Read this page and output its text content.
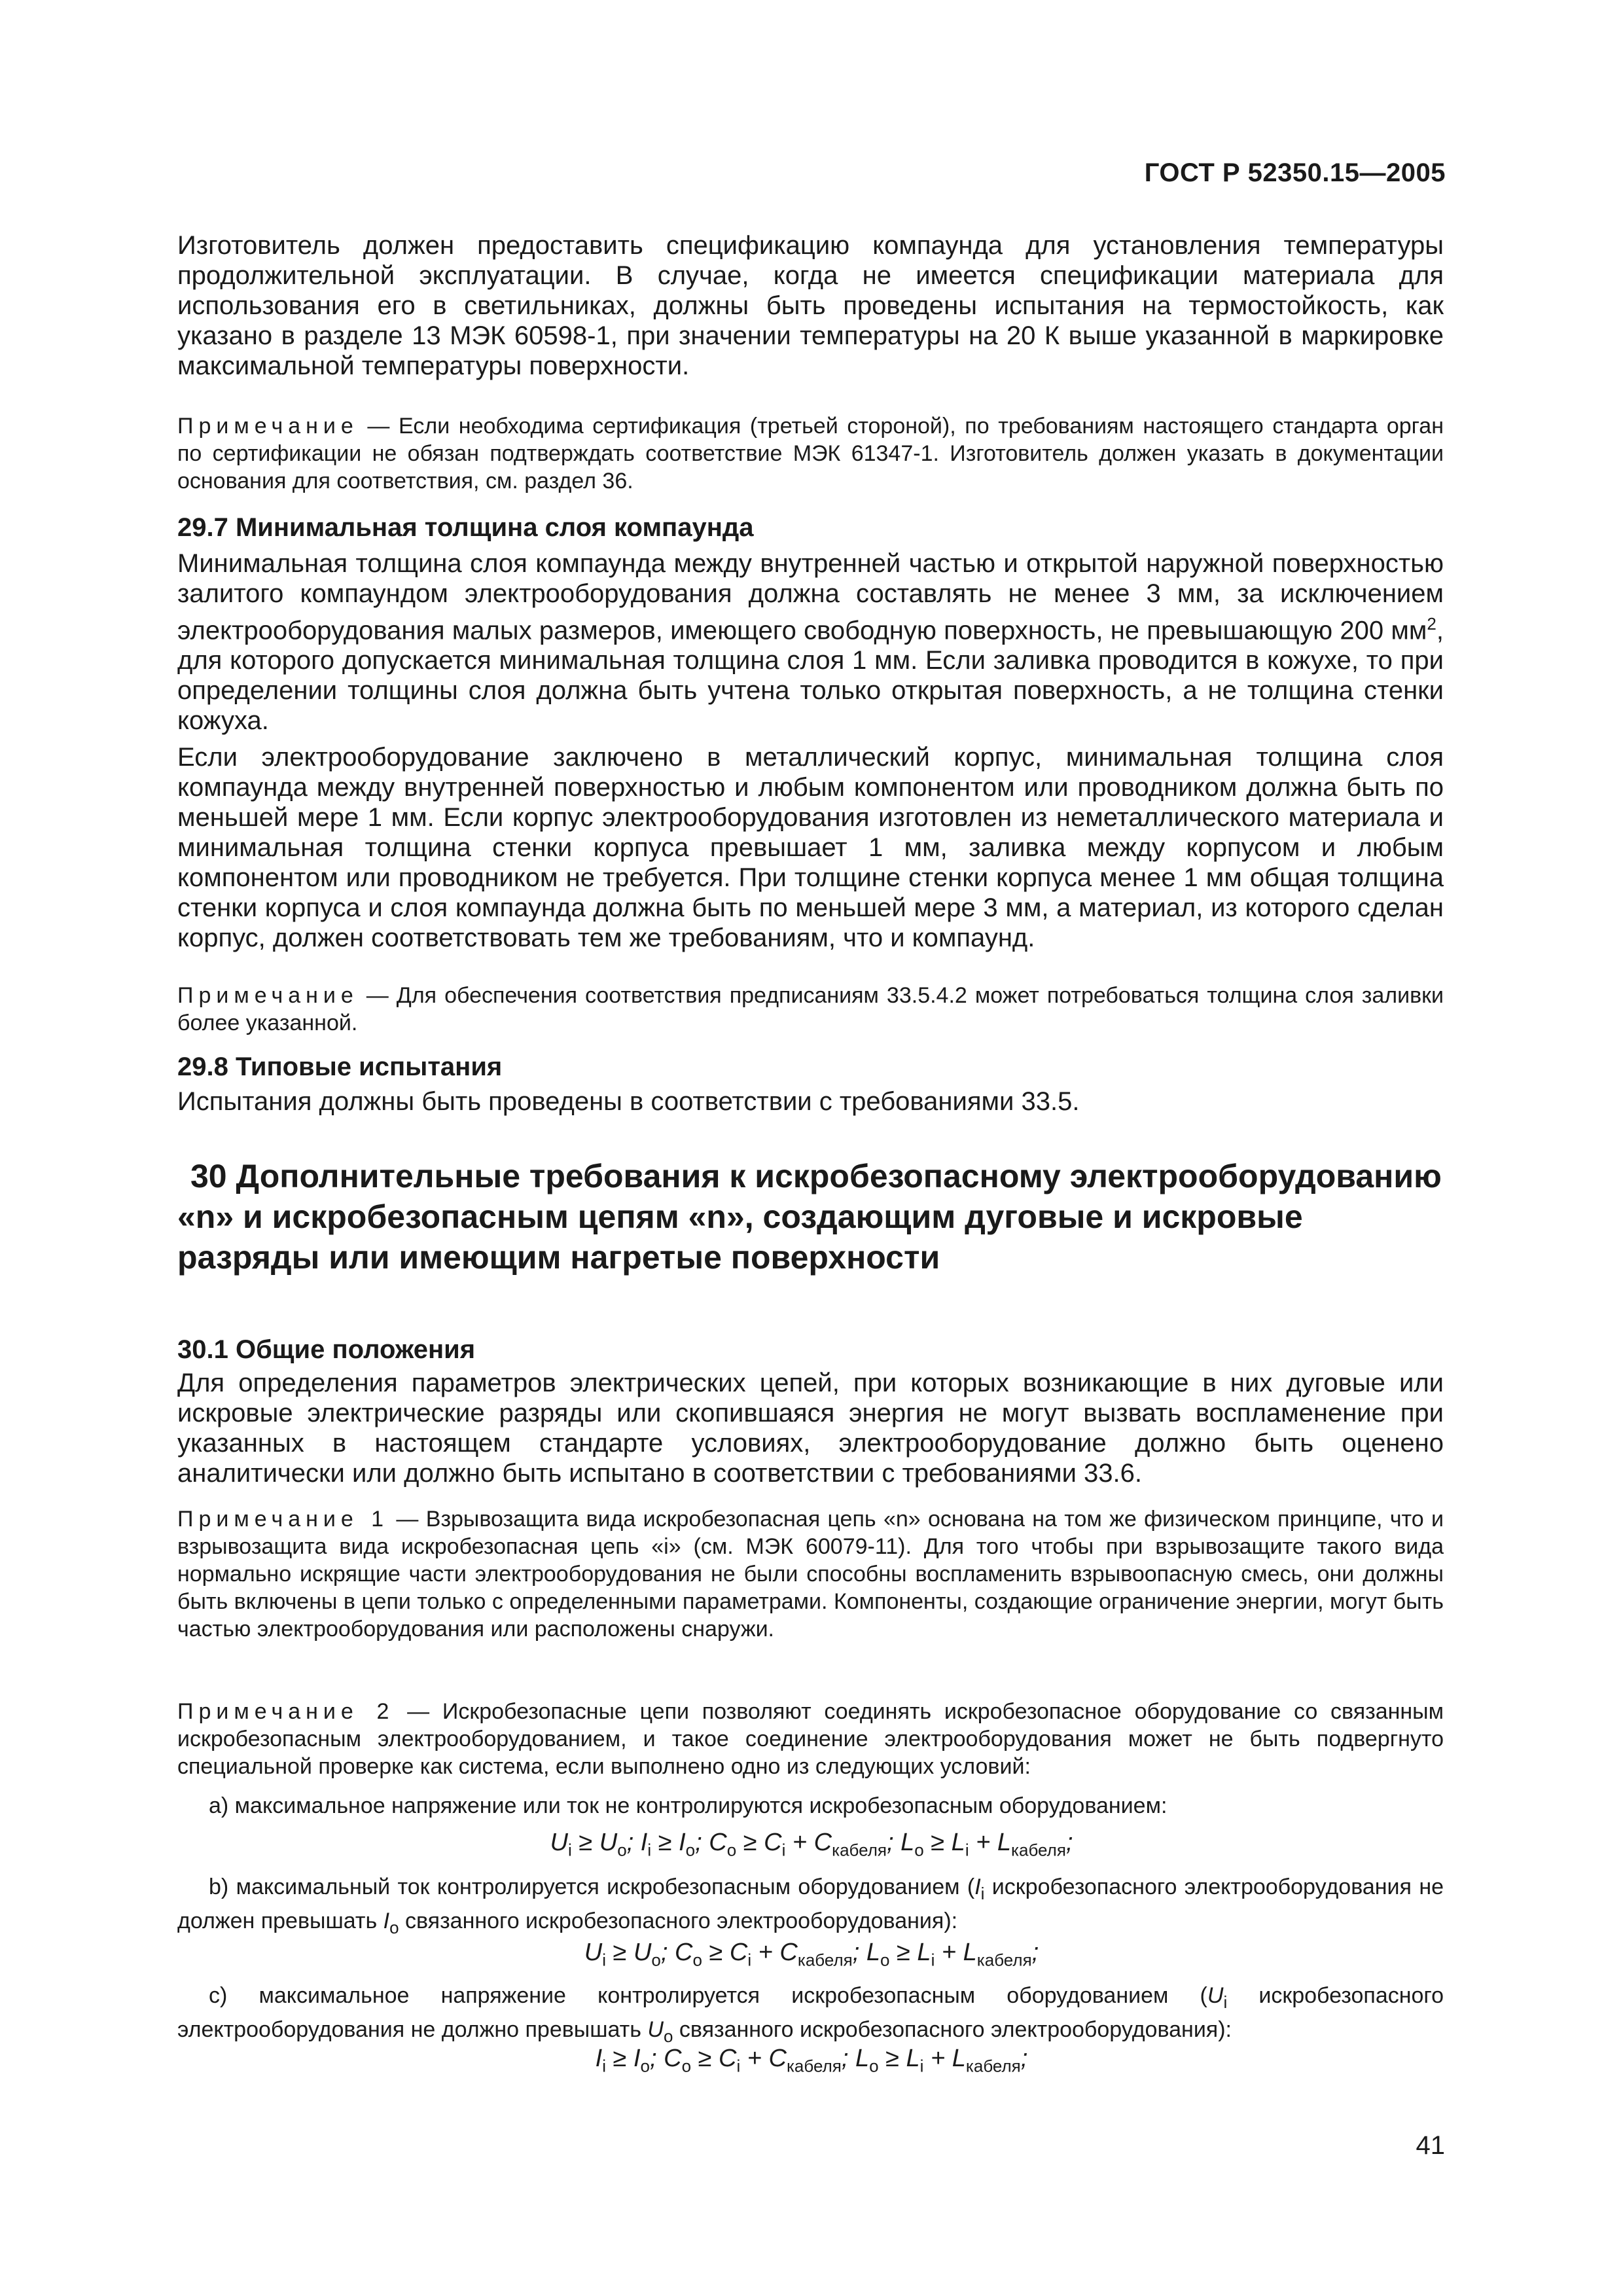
ГОСТ Р 52350.15—2005
Изготовитель должен предоставить спецификацию компаунда для установления температуры продолжительной эксплуатации. В случае, когда не имеется спецификации материала для использования его в светильниках, должны быть проведены испытания на термостойкость, как указано в разделе 13 МЭК 60598-1, при значении температуры на 20 К выше указанной в маркировке максимальной температуры поверхности.
Примечание — Если необходима сертификация (третьей стороной), по требованиям настоящего стандарта орган по сертификации не обязан подтверждать соответствие МЭК 61347-1. Изготовитель должен указать в документации основания для соответствия, см. раздел 36.
29.7 Минимальная толщина слоя компаунда
Минимальная толщина слоя компаунда между внутренней частью и открытой наружной поверхностью залитого компаундом электрооборудования должна составлять не менее 3 мм, за исключением электрооборудования малых размеров, имеющего свободную поверхность, не превышающую 200 $мм^2$, для которого допускается минимальная толщина слоя 1 мм. Если заливка проводится в кожухе, то при определении толщины слоя должна быть учтена только открытая поверхность, а не толщина стенки кожуха.
Если электрооборудование заключено в металлический корпус, минимальная толщина слоя компаунда между внутренней поверхностью и любым компонентом или проводником должна быть по меньшей мере 1 мм. Если корпус электрооборудования изготовлен из неметаллического материала и минимальная толщина стенки корпуса превышает 1 мм, заливка между корпусом и любым компонентом или проводником не требуется. При толщине стенки корпуса менее 1 мм общая толщина стенки корпуса и слоя компаунда должна быть по меньшей мере 3 мм, а материал, из которого сделан корпус, должен соответствовать тем же требованиям, что и компаунд.
Примечание — Для обеспечения соответствия предписаниям 33.5.4.2 может потребоваться толщина слоя заливки более указанной.
29.8 Типовые испытания
Испытания должны быть проведены в соответствии с требованиями 33.5.
30 Дополнительные требования к искробезопасному электрооборудованию «n» и искробезопасным цепям «n», создающим дуговые и искровые разряды или имеющим нагретые поверхности
30.1 Общие положения
Для определения параметров электрических цепей, при которых возникающие в них дуговые или искровые электрические разряды или скопившаяся энергия не могут вызвать воспламенение при указанных в настоящем стандарте условиях, электрооборудование должно быть оценено аналитически или должно быть испытано в соответствии с требованиями 33.6.
Примечание 1 — Взрывозащита вида искробезопасная цепь «n» основана на том же физическом принципе, что и взрывозащита вида искробезопасная цепь «i» (см. МЭК 60079-11). Для того чтобы при взрывозащите такого вида нормально искрящие части электрооборудования не были способны воспламенить взрывоопасную смесь, они должны быть включены в цепи только с определенными параметрами. Компоненты, создающие ограничение энергии, могут быть частью электрооборудования или расположены снаружи.
Примечание 2 — Искробезопасные цепи позволяют соединять искробезопасное оборудование со связанным искробезопасным электрооборудованием, и такое соединение электрооборудования может не быть подвергнуто специальной проверке как система, если выполнено одно из следующих условий:
a) максимальное напряжение или ток не контролируются искробезопасным оборудованием:
$U_i \ge U_o$; $I_i \ge I_o$; $C_o \ge C_i + C_{кабеля}$; $L_o \ge L_i + L_{кабеля}$;
b) максимальный ток контролируется искробезопасным оборудованием ($I_i$ искробезопасного электрооборудования не должен превышать $I_o$ связанного искробезопасного электрооборудования):
$U_i \ge U_o$; $C_o \ge C_i + C_{кабеля}$; $L_o \ge L_i + L_{кабеля}$;
c) максимальное напряжение контролируется искробезопасным оборудованием ($U_i$ искробезопасного электрооборудования не должно превышать $U_o$ связанного искробезопасного электрооборудования):
$I_i \ge I_o$; $C_o \ge C_i + C_{кабеля}$; $L_o \ge L_i + L_{кабеля}$;
41
